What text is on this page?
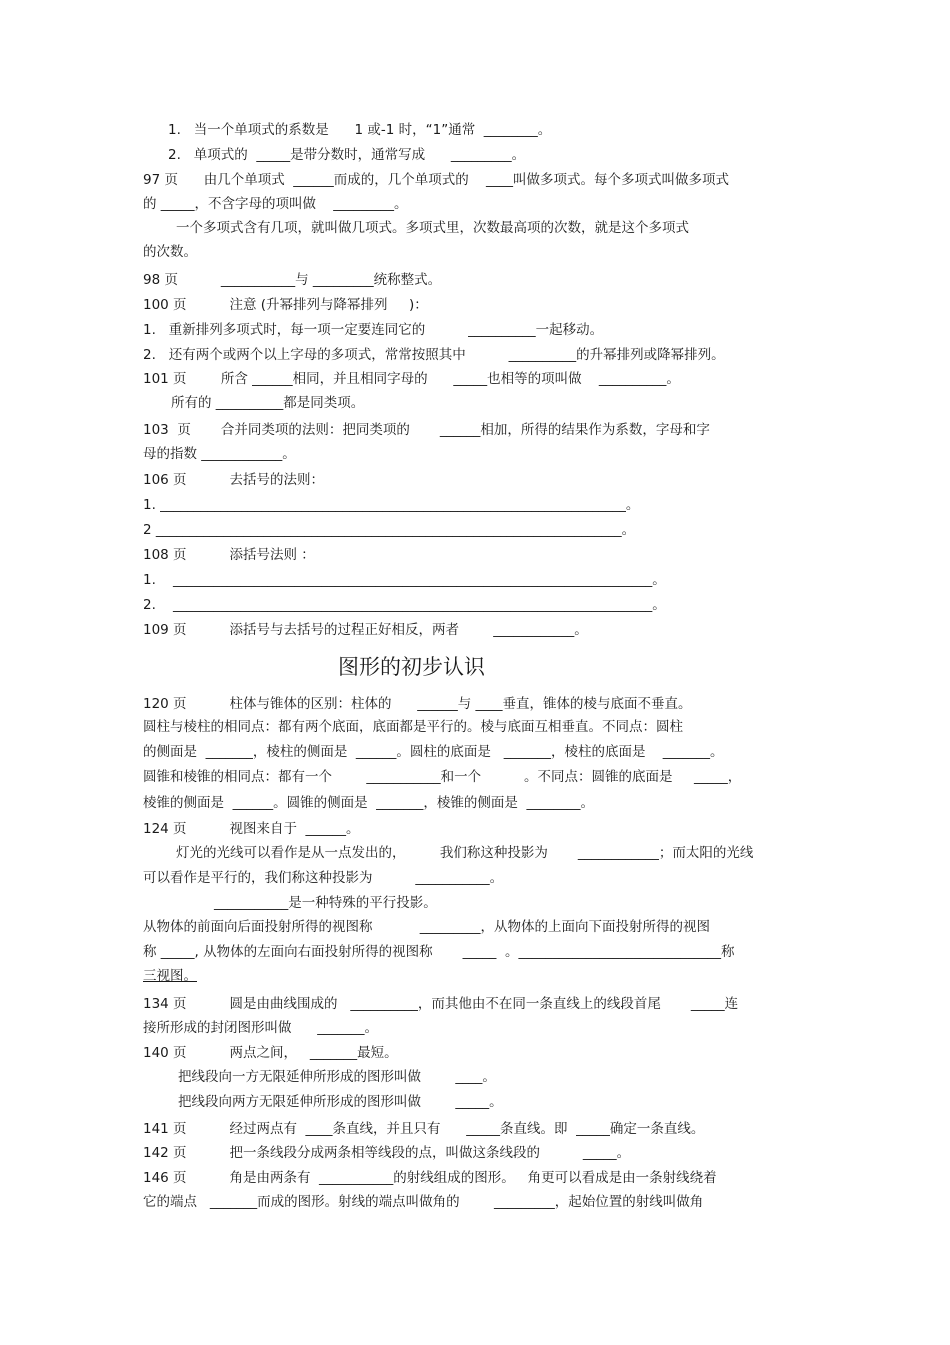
1.   当一个单项式的系数是      1 或-1 时，“1”通常  ________。
2.   单项式的  _____是带分数时，通常写成      _________。
97 页      由几个单项式  ______而成的，几个单项式的    ____叫做多项式。每个多项式叫做多项式
的 _____，不含字母的项叫做    _________。
一个多项式含有几项，就叫做几项式。多项式里，次数最高项的次数，就是这个多项式
的次数。
98 页          ___________与 _________统称整式。
100 页          注意 (升幂排列与降幂排列     )：
1.   重新排列多项式时，每一项一定要连同它的          __________一起移动。
2.   还有两个或两个以上字母的多项式，常常按照其中          __________的升幂排列或降幂排列。
101 页        所含 ______相同，并且相同字母的      _____也相等的项叫做    __________。
所有的 __________都是同类项。
103  页       合并同类项的法则：把同类项的       ______相加，所得的结果作为系数，字母和字
母的指数 ____________。
106 页          去括号的法则：
1. _____________________________________________________________________。
2 _____________________________________________________________________。
108 页          添括号法则 ：
1.    _______________________________________________________________________。
2.    _______________________________________________________________________。
109 页          添括号与去括号的过程正好相反，两者        ____________。
图形的初步认识
120 页          柱体与锥体的区别：柱体的      ______与 ____垂直，锥体的棱与底面不垂直。
圆柱与棱柱的相同点：都有两个底面，底面都是平行的。棱与底面互相垂直。不同点：圆柱
的侧面是  _______，棱柱的侧面是  ______。圆柱的底面是   _______，棱柱的底面是    _______。
圆锥和棱锥的相同点：都有一个        ___________和一个          。不同点：圆锥的底面是     _____，
棱锥的侧面是  ______。圆锥的侧面是  _______，棱锥的侧面是  ________。
124 页          视图来自于  ______。
灯光的光线可以看作是从一点发出的，        我们称这种投影为       ____________；而太阳的光线
可以看作是平行的，我们称这种投影为          ___________。
___________是一种特殊的平行投影。
从物体的前面向后面投射所得的视图称           _________，从物体的上面向下面投射所得的视图
称 _____, 从物体的左面向右面投射所得的视图称       _____  。______________________________称
三视图。
134 页          圆是由曲线围成的   __________，而其他由不在同一条直线上的线段首尾       _____连
接所形成的封闭图形叫做      _______。
140 页          两点之间，   _______最短。
把线段向一方无限延伸所形成的图形叫做        ____。
把线段向两方无限延伸所形成的图形叫做        _____。
141 页          经过两点有  ____条直线，并且只有      _____条直线。即  _____确定一条直线。
142 页          把一条线段分成两条相等线段的点，叫做这条线段的          _____。
146 页          角是由两条有  ___________的射线组成的图形。   角更可以看成是由一条射线绕着
它的端点   _______而成的图形。射线的端点叫做角的        _________，起始位置的射线叫做角
